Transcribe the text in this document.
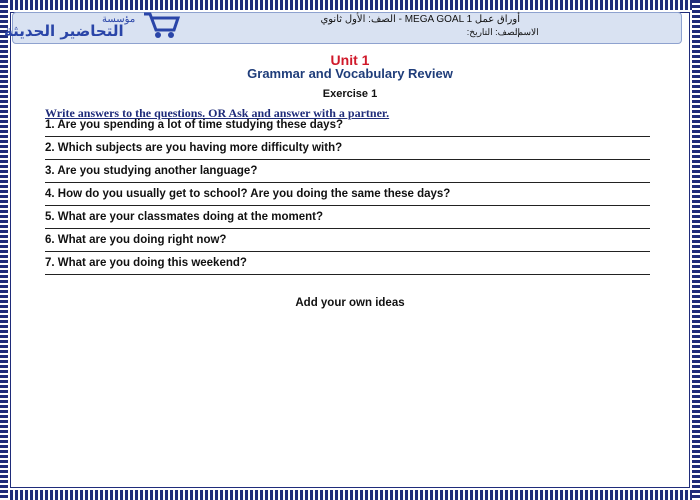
مؤسسة
التحاضير الحديثة
أوراق عمل MEGA GOAL 1 - الصف: الأول ثانوي
الصف: التاريخ:
الاسم:
Unit 1
Grammar and Vocabulary Review
Exercise 1
Write answers to the questions. OR Ask and answer with a partner.
1. Are you spending a lot of time studying these days?
2. Which subjects are you having more difficulty with?
3. Are you studying another language?
4. How do you usually get to school? Are you doing the same these days?
5. What are your classmates doing at the moment?
6. What are you doing right now?
7. What are you doing this weekend?
Add your own ideas
